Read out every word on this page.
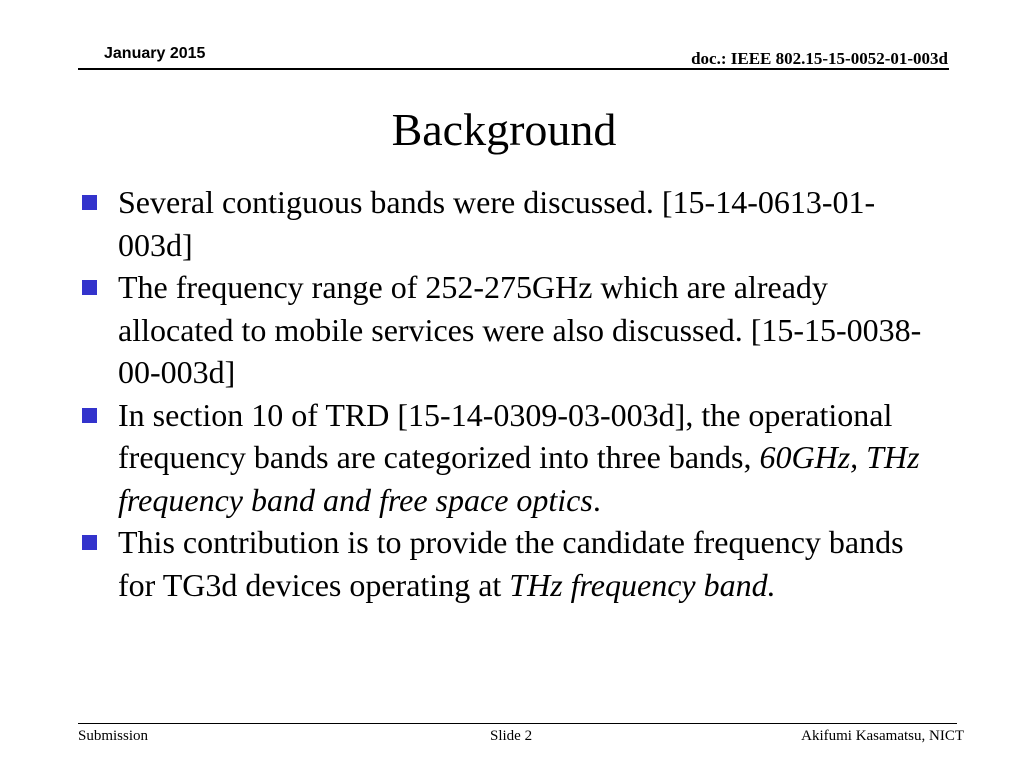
January 2015	doc.: IEEE 802.15-15-0052-01-003d
Background
Several contiguous bands were discussed. [15-14-0613-01-003d]
The frequency range of 252-275GHz which are already allocated to mobile services were also discussed. [15-15-0038-00-003d]
In section 10 of TRD [15-14-0309-03-003d], the operational frequency bands are categorized into three bands, 60GHz, THz frequency band and free space optics.
This contribution is to provide the candidate frequency bands for TG3d devices operating at THz frequency band.
Submission	Slide 2	Akifumi Kasamatsu, NICT
